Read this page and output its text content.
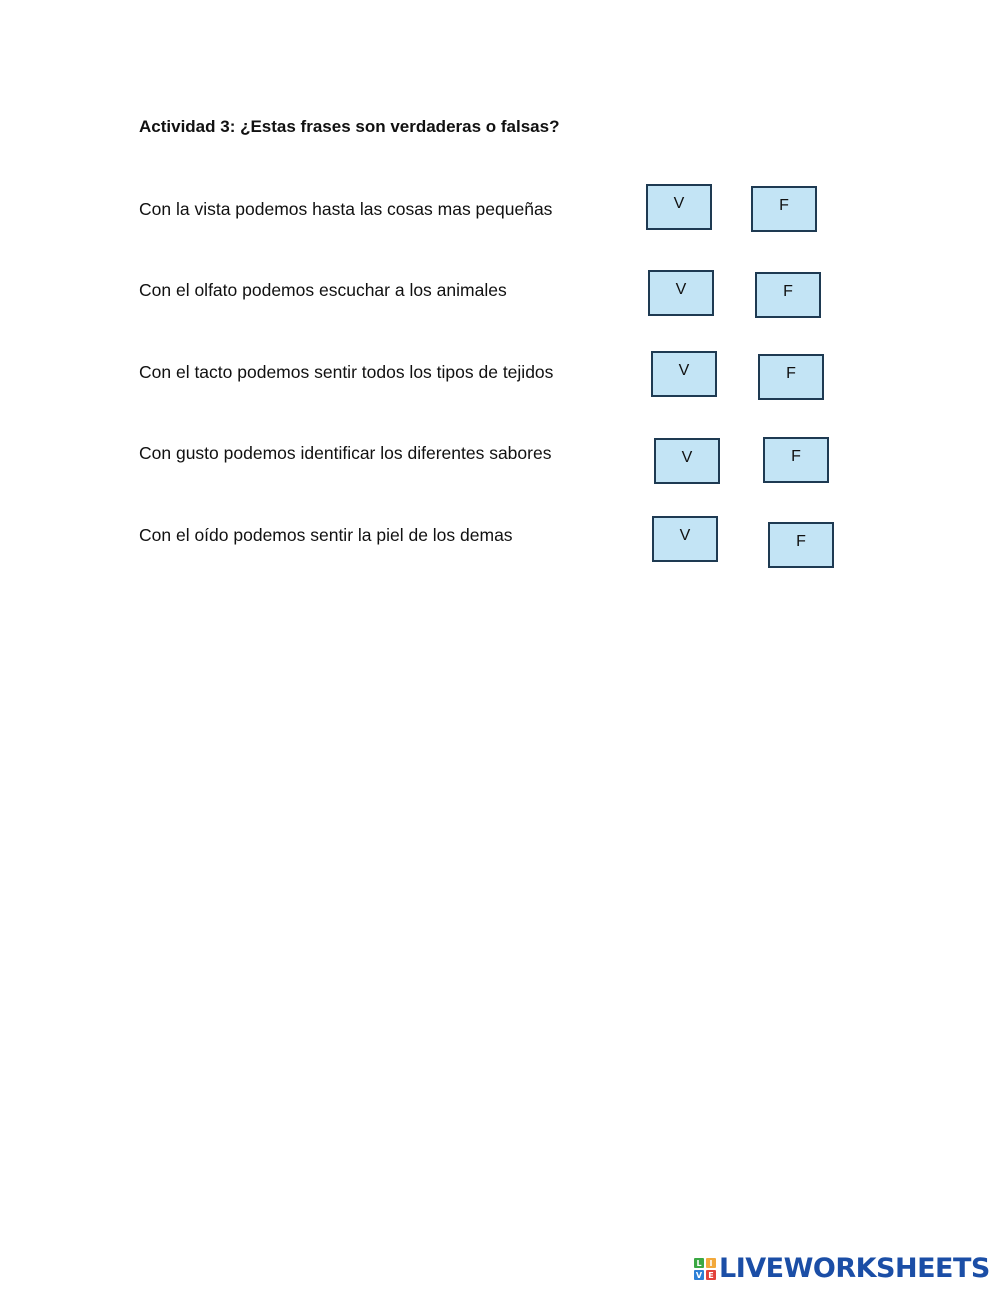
Actividad 3: ¿Estas frases son verdaderas o falsas?
Con la vista podemos hasta las cosas mas pequeñas	V	F
Con el olfato podemos escuchar a los animales	V	F
Con el tacto podemos sentir todos los tipos de tejidos	V	F
Con gusto podemos identificar los diferentes sabores	V	F
Con el oído podemos sentir la piel de los demas	V	F
L I
V E LIVEWORKSHEETS
